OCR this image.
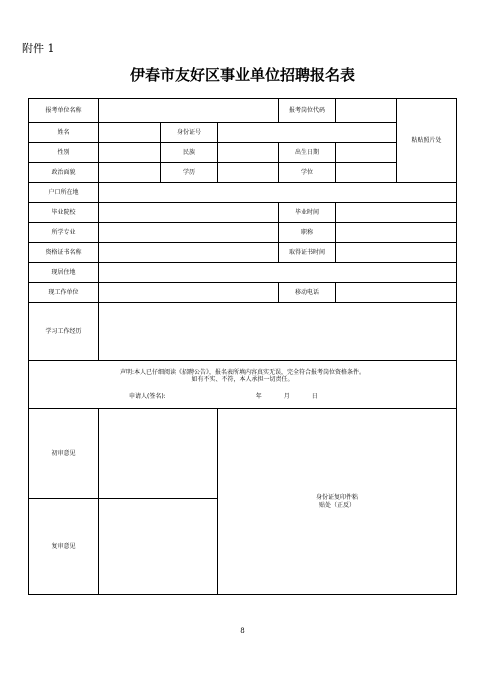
附件 1
伊春市友好区事业单位招聘报名表
报考单位名称				报考岗位代码		粘贴照片处
姓名		身份证号				
性别		民族		出生日期		
政治面貌		学历		学位		
户口所在地						
毕业院校				毕业时间		
所学专业				职称		
资格证书名称				取得证书时间		
现居住地						
现工作单位				移动电话		
学习工作经历						

声明:本人已仔细阅读《招聘公告》，报名表所填内容真实无误，完全符合报考岗位资格条件。
如有不实、不符，本人承担一切责任。
申请人(签名): 年 月 日						

初审意见			身份证复印件粘
贴处（正反）			

复审意见						
8
